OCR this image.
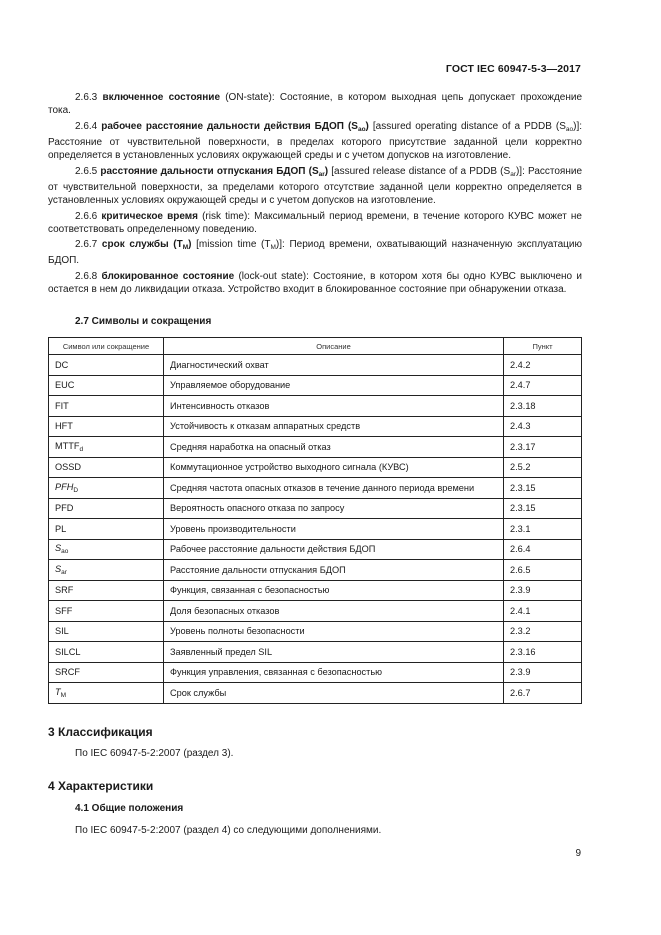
ГОСТ IEC 60947-5-3—2017

2.6.3 включенное состояние (ON-state): Состояние, в котором выходная цепь допускает прохождение тока.

2.6.4 рабочее расстояние дальности действия БДОП $(S_{ao})$ [assured operating distance of a PDDB $(S_{ao})$]: Расстояние от чувствительной поверхности, в пределах которого присутствие заданной цели корректно определяется в установленных условиях окружающей среды и с учетом допусков на изготовление.

2.6.5 расстояние дальности отпускания БДОП $(S_{ar})$ [assured release distance of a PDDB $(S_{ar})$]: Расстояние от чувствительной поверхности, за пределами которого отсутствие заданной цели корректно определяется в установленных условиях окружающей среды и с учетом допусков на изготовление.

2.6.6 критическое время (risk time): Максимальный период времени, в течение которого КУВС может не соответствовать определенному поведению.

2.6.7 срок службы $(T_M)$ [mission time $(T_M)$]: Период времени, охватывающий назначенную эксплуатацию БДОП.

2.6.8 блокированное состояние (lock-out state): Состояние, в котором хотя бы одно КУВС выключено и остается в нем до ликвидации отказа. Устройство входит в блокированное состояние при обнаружении отказа.

2.7 Символы и сокращения
Символ или сокращение	Описание	Пункт
DC	Диагностический охват	2.4.2
EUC	Управляемое оборудование	2.4.7
FIT	Интенсивность отказов	2.3.18
HFT	Устойчивость к отказам аппаратных средств	2.4.3
$MTTF_d$	Средняя наработка на опасный отказ	2.3.17
OSSD	Коммутационное устройство выходного сигнала (КУВС)	2.5.2
$PFH_D$	Средняя частота опасных отказов в течение данного периода времени	2.3.15
PFD	Вероятность опасного отказа по запросу	2.3.15
PL	Уровень производительности	2.3.1
$S_{ao}$	Рабочее расстояние дальности действия БДОП	2.6.4
$S_{ar}$	Расстояние дальности отпускания БДОП	2.6.5
SRF	Функция, связанная с безопасностью	2.3.9
SFF	Доля безопасных отказов	2.4.1
SIL	Уровень полноты безопасности	2.3.2
SILCL	Заявленный предел SIL	2.3.16
SRCF	Функция управления, связанная с безопасностью	2.3.9
$T_M$	Срок службы	2.6.7
3 Классификация
По IEC 60947-5-2:2007 (раздел 3).
4 Характеристики
4.1 Общие положения
По IEC 60947-5-2:2007 (раздел 4) со следующими дополнениями.
9
